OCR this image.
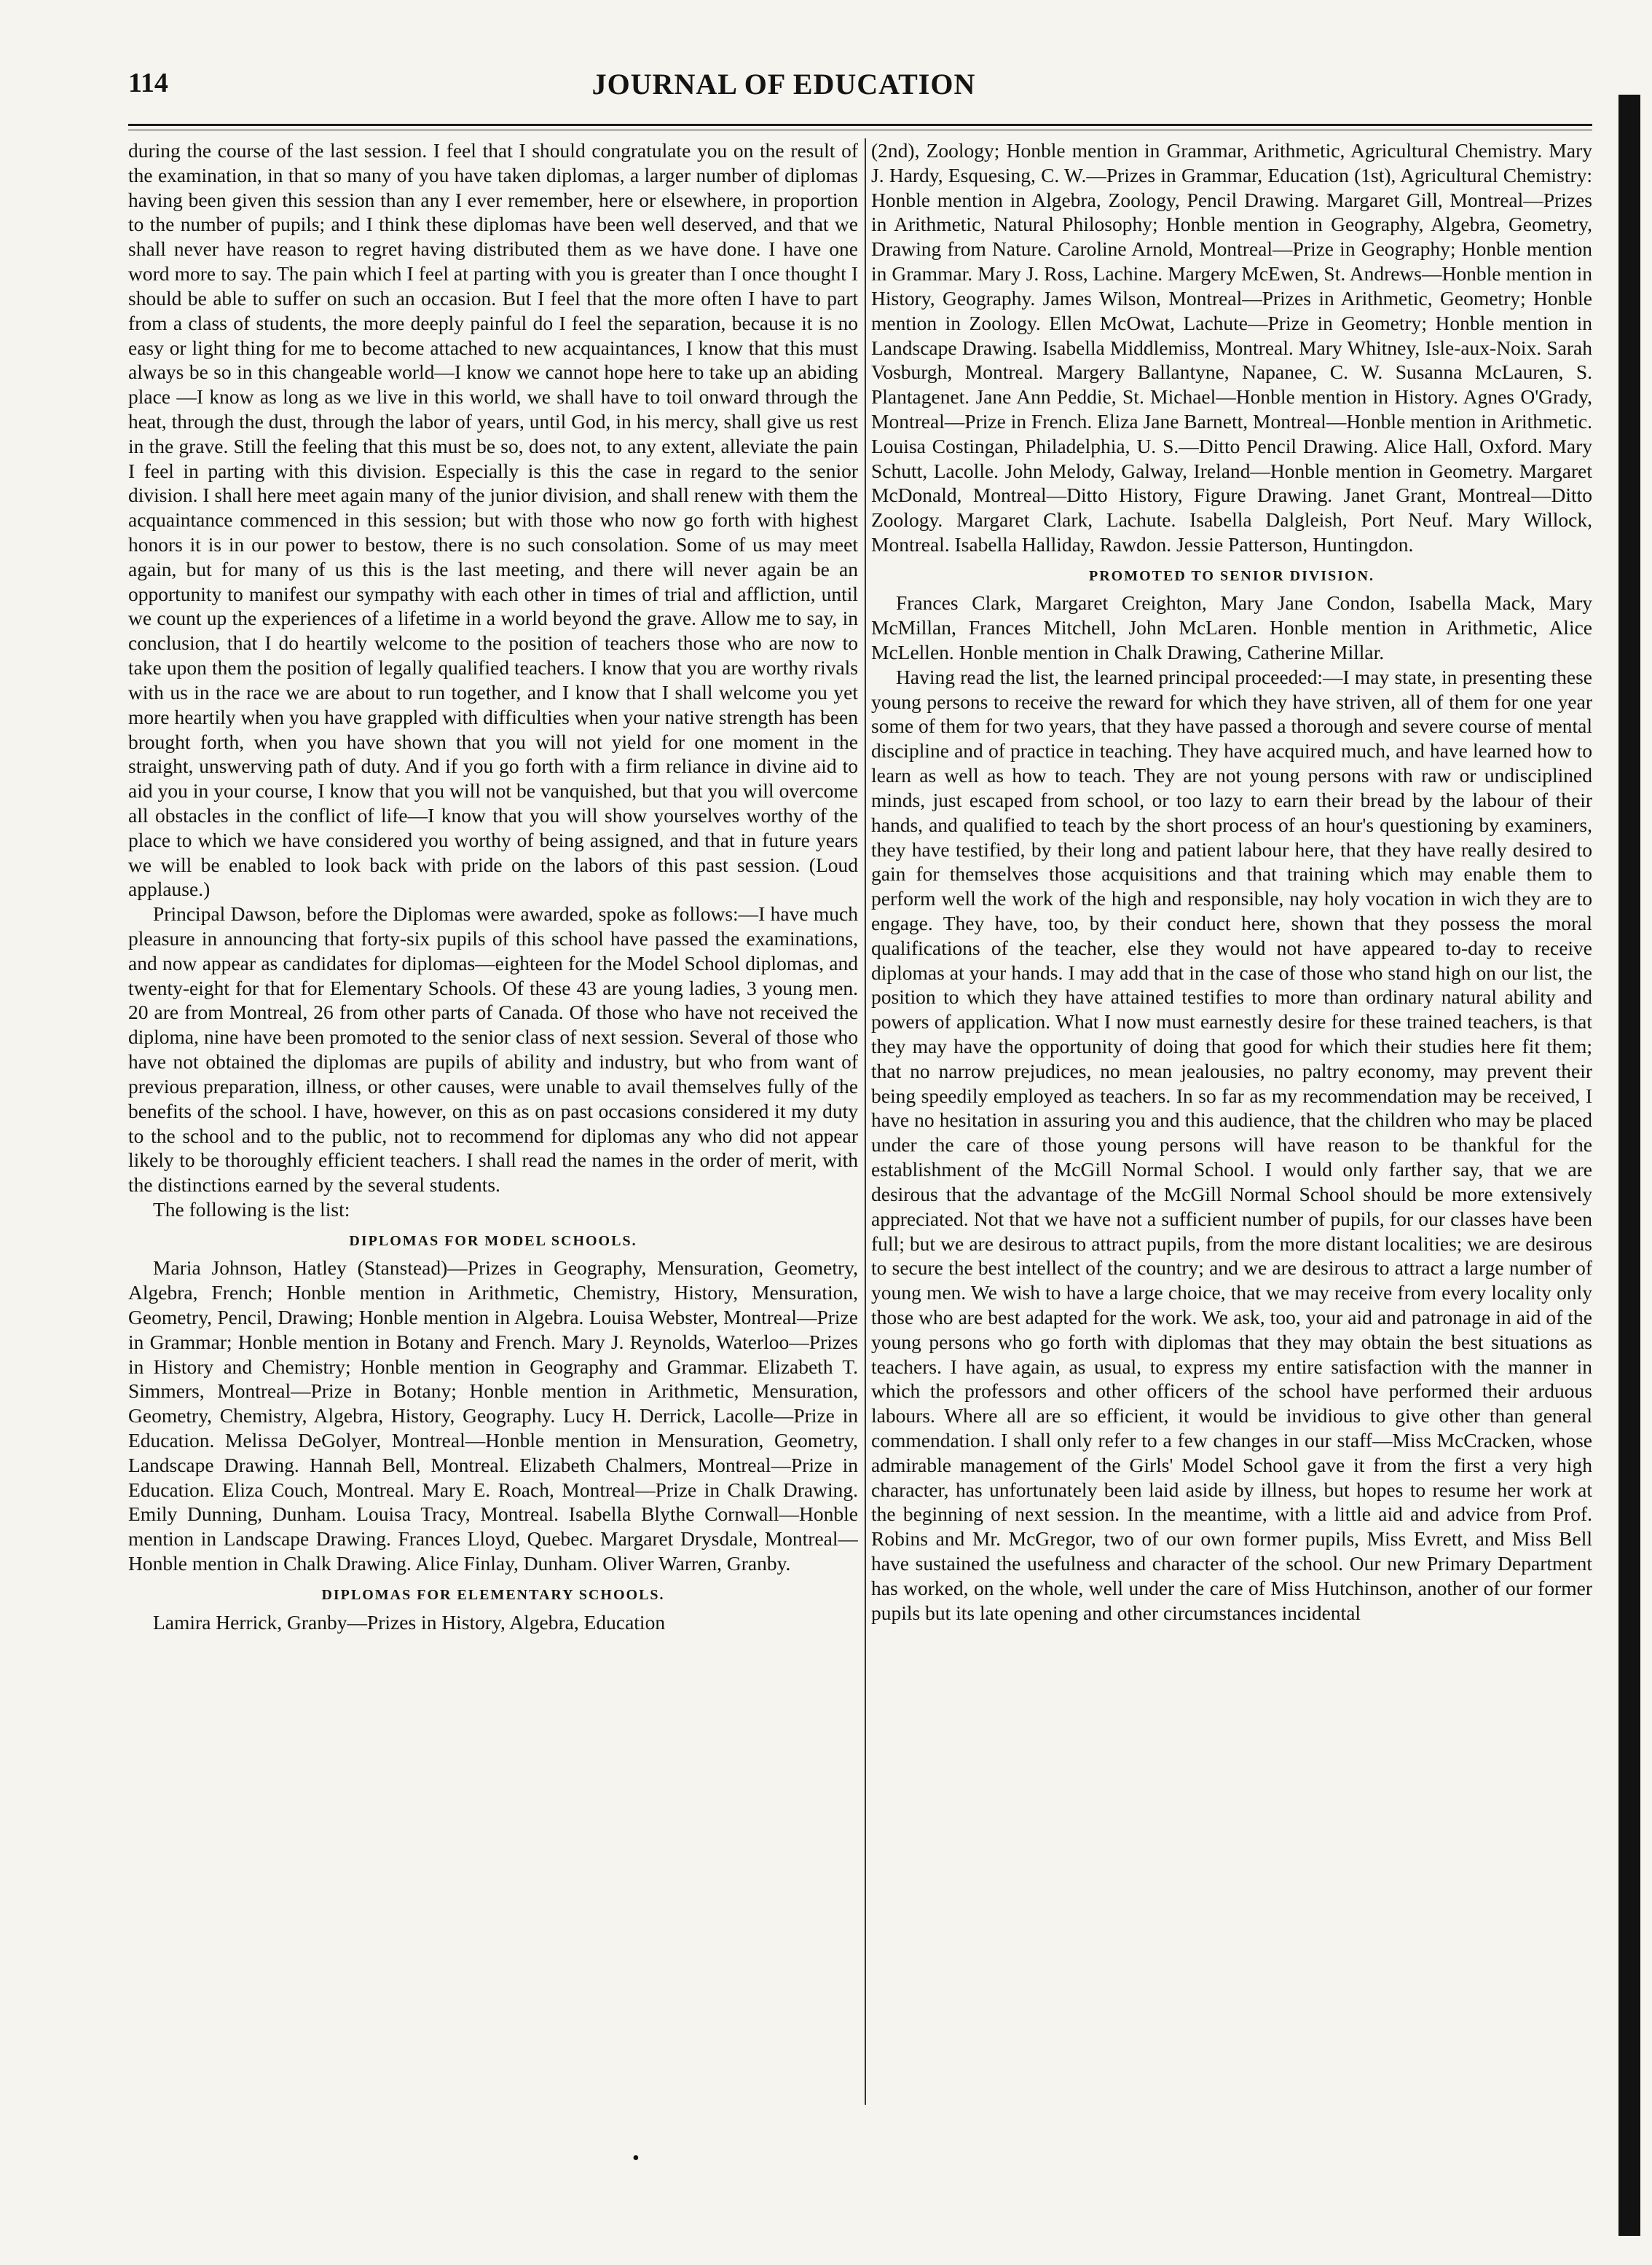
114	JOURNAL OF EDUCATION

during the course of the last session. I feel that I should congratulate you on the result of the examination, in that so many of you have taken diplomas, a larger number of diplomas having been given this session than any I ever remember, here or elsewhere, in proportion to the number of pupils; and I think these diplomas have been well deserved, and that we shall never have reason to regret having distributed them as we have done. I have one word more to say. The pain which I feel at parting with you is greater than I once thought I should be able to suffer on such an occasion. But I feel that the more often I have to part from a class of students, the more deeply painful do I feel the separation, because it is no easy or light thing for me to become attached to new acquaintances, I know that this must always be so in this changeable world—I know we cannot hope here to take up an abiding place —I know as long as we live in this world, we shall have to toil onward through the heat, through the dust, through the labor of years, until God, in his mercy, shall give us rest in the grave. Still the feeling that this must be so, does not, to any extent, alleviate the pain I feel in parting with this division. Especially is this the case in regard to the senior division. I shall here meet again many of the junior division, and shall renew with them the acquaintance commenced in this session; but with those who now go forth with highest honors it is in our power to bestow, there is no such consolation. Some of us may meet again, but for many of us this is the last meeting, and there will never again be an opportunity to manifest our sympathy with each other in times of trial and affliction, until we count up the experiences of a lifetime in a world beyond the grave. Allow me to say, in conclusion, that I do heartily welcome to the position of teachers those who are now to take upon them the position of legally qualified teachers. I know that you are worthy rivals with us in the race we are about to run together, and I know that I shall welcome you yet more heartily when you have grappled with difficulties when your native strength has been brought forth, when you have shown that you will not yield for one moment in the straight, unswerving path of duty. And if you go forth with a firm reliance in divine aid to aid you in your course, I know that you will not be vanquished, but that you will overcome all obstacles in the conflict of life—I know that you will show yourselves worthy of the place to which we have considered you worthy of being assigned, and that in future years we will be enabled to look back with pride on the labors of this past session. (Loud applause.)

Principal Dawson, before the Diplomas were awarded, spoke as follows:—I have much pleasure in announcing that forty-six pupils of this school have passed the examinations, and now appear as candidates for diplomas—eighteen for the Model School diplomas, and twenty-eight for that for Elementary Schools. Of these 43 are young ladies, 3 young men. 20 are from Montreal, 26 from other parts of Canada. Of those who have not received the diploma, nine have been promoted to the senior class of next session. Several of those who have not obtained the diplomas are pupils of ability and industry, but who from want of previous preparation, illness, or other causes, were unable to avail themselves fully of the benefits of the school. I have, however, on this as on past occasions considered it my duty to the school and to the public, not to recommend for diplomas any who did not appear likely to be thoroughly efficient teachers. I shall read the names in the order of merit, with the distinctions earned by the several students.

The following is the list:

DIPLOMAS FOR MODEL SCHOOLS.

Maria Johnson, Hatley (Stanstead)—Prizes in Geography, Mensuration, Geometry, Algebra, French; Honble mention in Arithmetic, Chemistry, History, Mensuration, Geometry, Pencil, Drawing; Honble mention in Algebra. Louisa Webster, Montreal—Prize in Grammar; Honble mention in Botany and French. Mary J. Reynolds, Waterloo—Prizes in History and Chemistry; Honble mention in Geography and Grammar. Elizabeth T. Simmers, Montreal—Prize in Botany; Honble mention in Arithmetic, Mensuration, Geometry, Chemistry, Algebra, History, Geography. Lucy H. Derrick, Lacolle—Prize in Education. Melissa DeGolyer, Montreal—Honble mention in Mensuration, Geometry, Landscape Drawing. Hannah Bell, Montreal. Elizabeth Chalmers, Montreal—Prize in Education. Eliza Couch, Montreal. Mary E. Roach, Montreal—Prize in Chalk Drawing. Emily Dunning, Dunham. Louisa Tracy, Montreal. Isabella Blythe Cornwall—Honble mention in Landscape Drawing. Frances Lloyd, Quebec. Margaret Drysdale, Montreal—Honble mention in Chalk Drawing. Alice Finlay, Dunham. Oliver Warren, Granby.

DIPLOMAS FOR ELEMENTARY SCHOOLS.

Lamira Herrick, Granby—Prizes in History, Algebra, Education

(2nd), Zoology; Honble mention in Grammar, Arithmetic, Agricultural Chemistry. Mary J. Hardy, Esquesing, C. W.—Prizes in Grammar, Education (1st), Agricultural Chemistry: Honble mention in Algebra, Zoology, Pencil Drawing. Margaret Gill, Montreal—Prizes in Arithmetic, Natural Philosophy; Honble mention in Geography, Algebra, Geometry, Drawing from Nature. Caroline Arnold, Montreal—Prize in Geography; Honble mention in Grammar. Mary J. Ross, Lachine. Margery McEwen, St. Andrews—Honble mention in History, Geography. James Wilson, Montreal—Prizes in Arithmetic, Geometry; Honble mention in Zoology. Ellen McOwat, Lachute—Prize in Geometry; Honble mention in Landscape Drawing. Isabella Middlemiss, Montreal. Mary Whitney, Isle-aux-Noix. Sarah Vosburgh, Montreal. Margery Ballantyne, Napanee, C. W. Susanna McLauren, S. Plantagenet. Jane Ann Peddie, St. Michael—Honble mention in History. Agnes O'Grady, Montreal—Prize in French. Eliza Jane Barnett, Montreal—Honble mention in Arithmetic. Louisa Costingan, Philadelphia, U. S.—Ditto Pencil Drawing. Alice Hall, Oxford. Mary Schutt, Lacolle. John Melody, Galway, Ireland—Honble mention in Geometry. Margaret McDonald, Montreal—Ditto History, Figure Drawing. Janet Grant, Montreal—Ditto Zoology. Margaret Clark, Lachute. Isabella Dalgleish, Port Neuf. Mary Willock, Montreal. Isabella Halliday, Rawdon. Jessie Patterson, Huntingdon.

PROMOTED TO SENIOR DIVISION.

Frances Clark, Margaret Creighton, Mary Jane Condon, Isabella Mack, Mary McMillan, Frances Mitchell, John McLaren. Honble mention in Arithmetic, Alice McLellen. Honble mention in Chalk Drawing, Catherine Millar.

Having read the list, the learned principal proceeded:—I may state, in presenting these young persons to receive the reward for which they have striven, all of them for one year some of them for two years, that they have passed a thorough and severe course of mental discipline and of practice in teaching. They have acquired much, and have learned how to learn as well as how to teach. They are not young persons with raw or undisciplined minds, just escaped from school, or too lazy to earn their bread by the labour of their hands, and qualified to teach by the short process of an hour's questioning by examiners, they have testified, by their long and patient labour here, that they have really desired to gain for themselves those acquisitions and that training which may enable them to perform well the work of the high and responsible, nay holy vocation in wich they are to engage. They have, too, by their conduct here, shown that they possess the moral qualifications of the teacher, else they would not have appeared to-day to receive diplomas at your hands. I may add that in the case of those who stand high on our list, the position to which they have attained testifies to more than ordinary natural ability and powers of application. What I now must earnestly desire for these trained teachers, is that they may have the opportunity of doing that good for which their studies here fit them; that no narrow prejudices, no mean jealousies, no paltry economy, may prevent their being speedily employed as teachers. In so far as my recommendation may be received, I have no hesitation in assuring you and this audience, that the children who may be placed under the care of those young persons will have reason to be thankful for the establishment of the McGill Normal School. I would only farther say, that we are desirous that the advantage of the McGill Normal School should be more extensively appreciated. Not that we have not a sufficient number of pupils, for our classes have been full; but we are desirous to attract pupils, from the more distant localities; we are desirous to secure the best intellect of the country; and we are desirous to attract a large number of young men. We wish to have a large choice, that we may receive from every locality only those who are best adapted for the work. We ask, too, your aid and patronage in aid of the young persons who go forth with diplomas that they may obtain the best situations as teachers. I have again, as usual, to express my entire satisfaction with the manner in which the professors and other officers of the school have performed their arduous labours. Where all are so efficient, it would be invidious to give other than general commendation. I shall only refer to a few changes in our staff—Miss McCracken, whose admirable management of the Girls' Model School gave it from the first a very high character, has unfortunately been laid aside by illness, but hopes to resume her work at the beginning of next session. In the meantime, with a little aid and advice from Prof. Robins and Mr. McGregor, two of our own former pupils, Miss Evrett, and Miss Bell have sustained the usefulness and character of the school. Our new Primary Department has worked, on the whole, well under the care of Miss Hutchinson, another of our former pupils but its late opening and other circumstances incidental

•
